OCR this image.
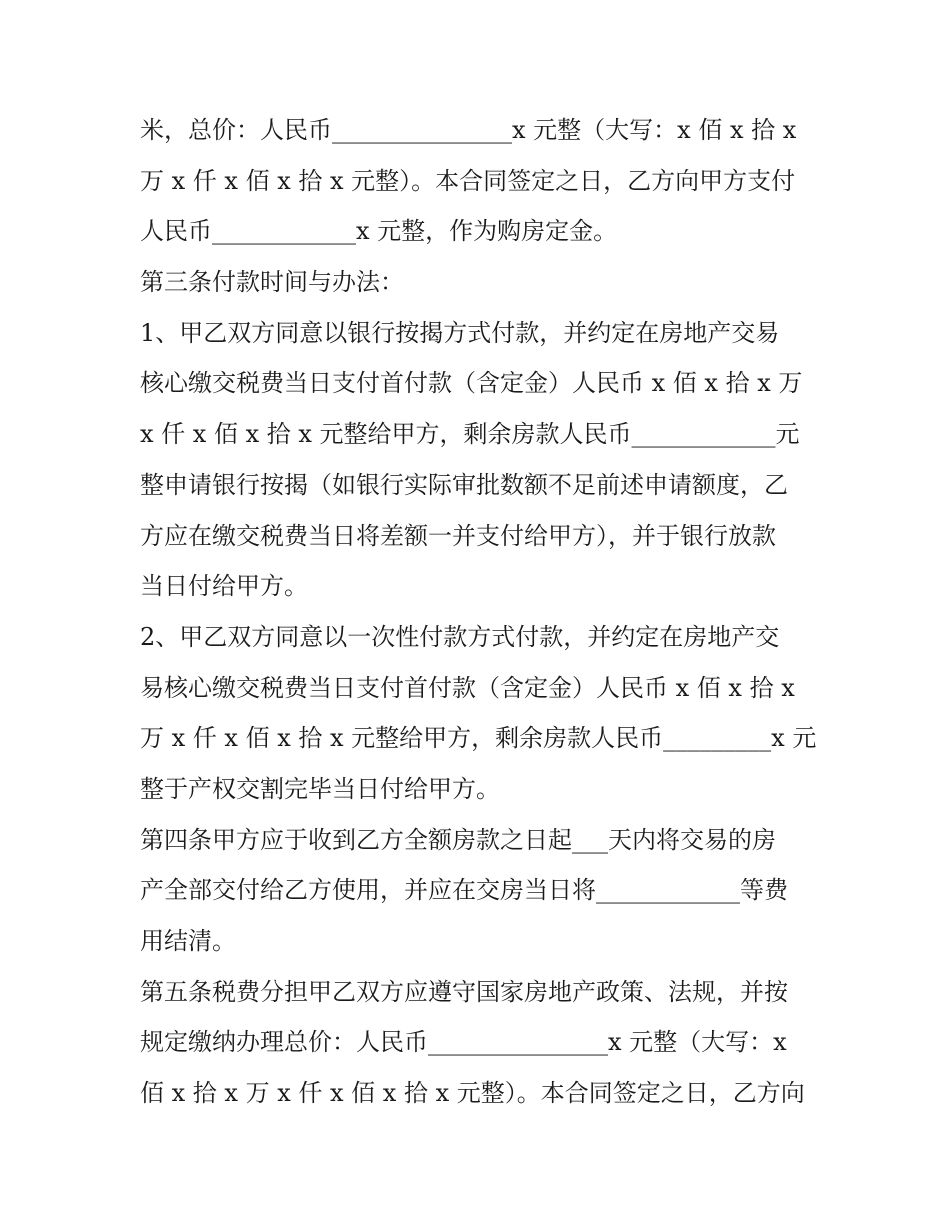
米，总价：人民币_______________x 元整（大写：x 佰 x 拾 x
万 x 仟 x 佰 x 拾 x 元整）。本合同签定之日，乙方向甲方支付
人民币____________x 元整，作为购房定金。
第三条付款时间与办法：
1、甲乙双方同意以银行按揭方式付款，并约定在房地产交易
核心缴交税费当日支付首付款（含定金）人民币 x 佰 x 拾 x 万
x 仟 x 佰 x 拾 x 元整给甲方，剩余房款人民币____________元
整申请银行按揭（如银行实际审批数额不足前述申请额度，乙
方应在缴交税费当日将差额一并支付给甲方），并于银行放款
当日付给甲方。
2、甲乙双方同意以一次性付款方式付款，并约定在房地产交
易核心缴交税费当日支付首付款（含定金）人民币 x 佰 x 拾 x
万 x 仟 x 佰 x 拾 x 元整给甲方，剩余房款人民币_________x 元
整于产权交割完毕当日付给甲方。
第四条甲方应于收到乙方全额房款之日起___天内将交易的房
产全部交付给乙方使用，并应在交房当日将____________等费
用结清。
第五条税费分担甲乙双方应遵守国家房地产政策、法规，并按
规定缴纳办理总价：人民币_______________x 元整（大写：x
佰 x 拾 x 万 x 仟 x 佰 x 拾 x 元整）。本合同签定之日，乙方向
